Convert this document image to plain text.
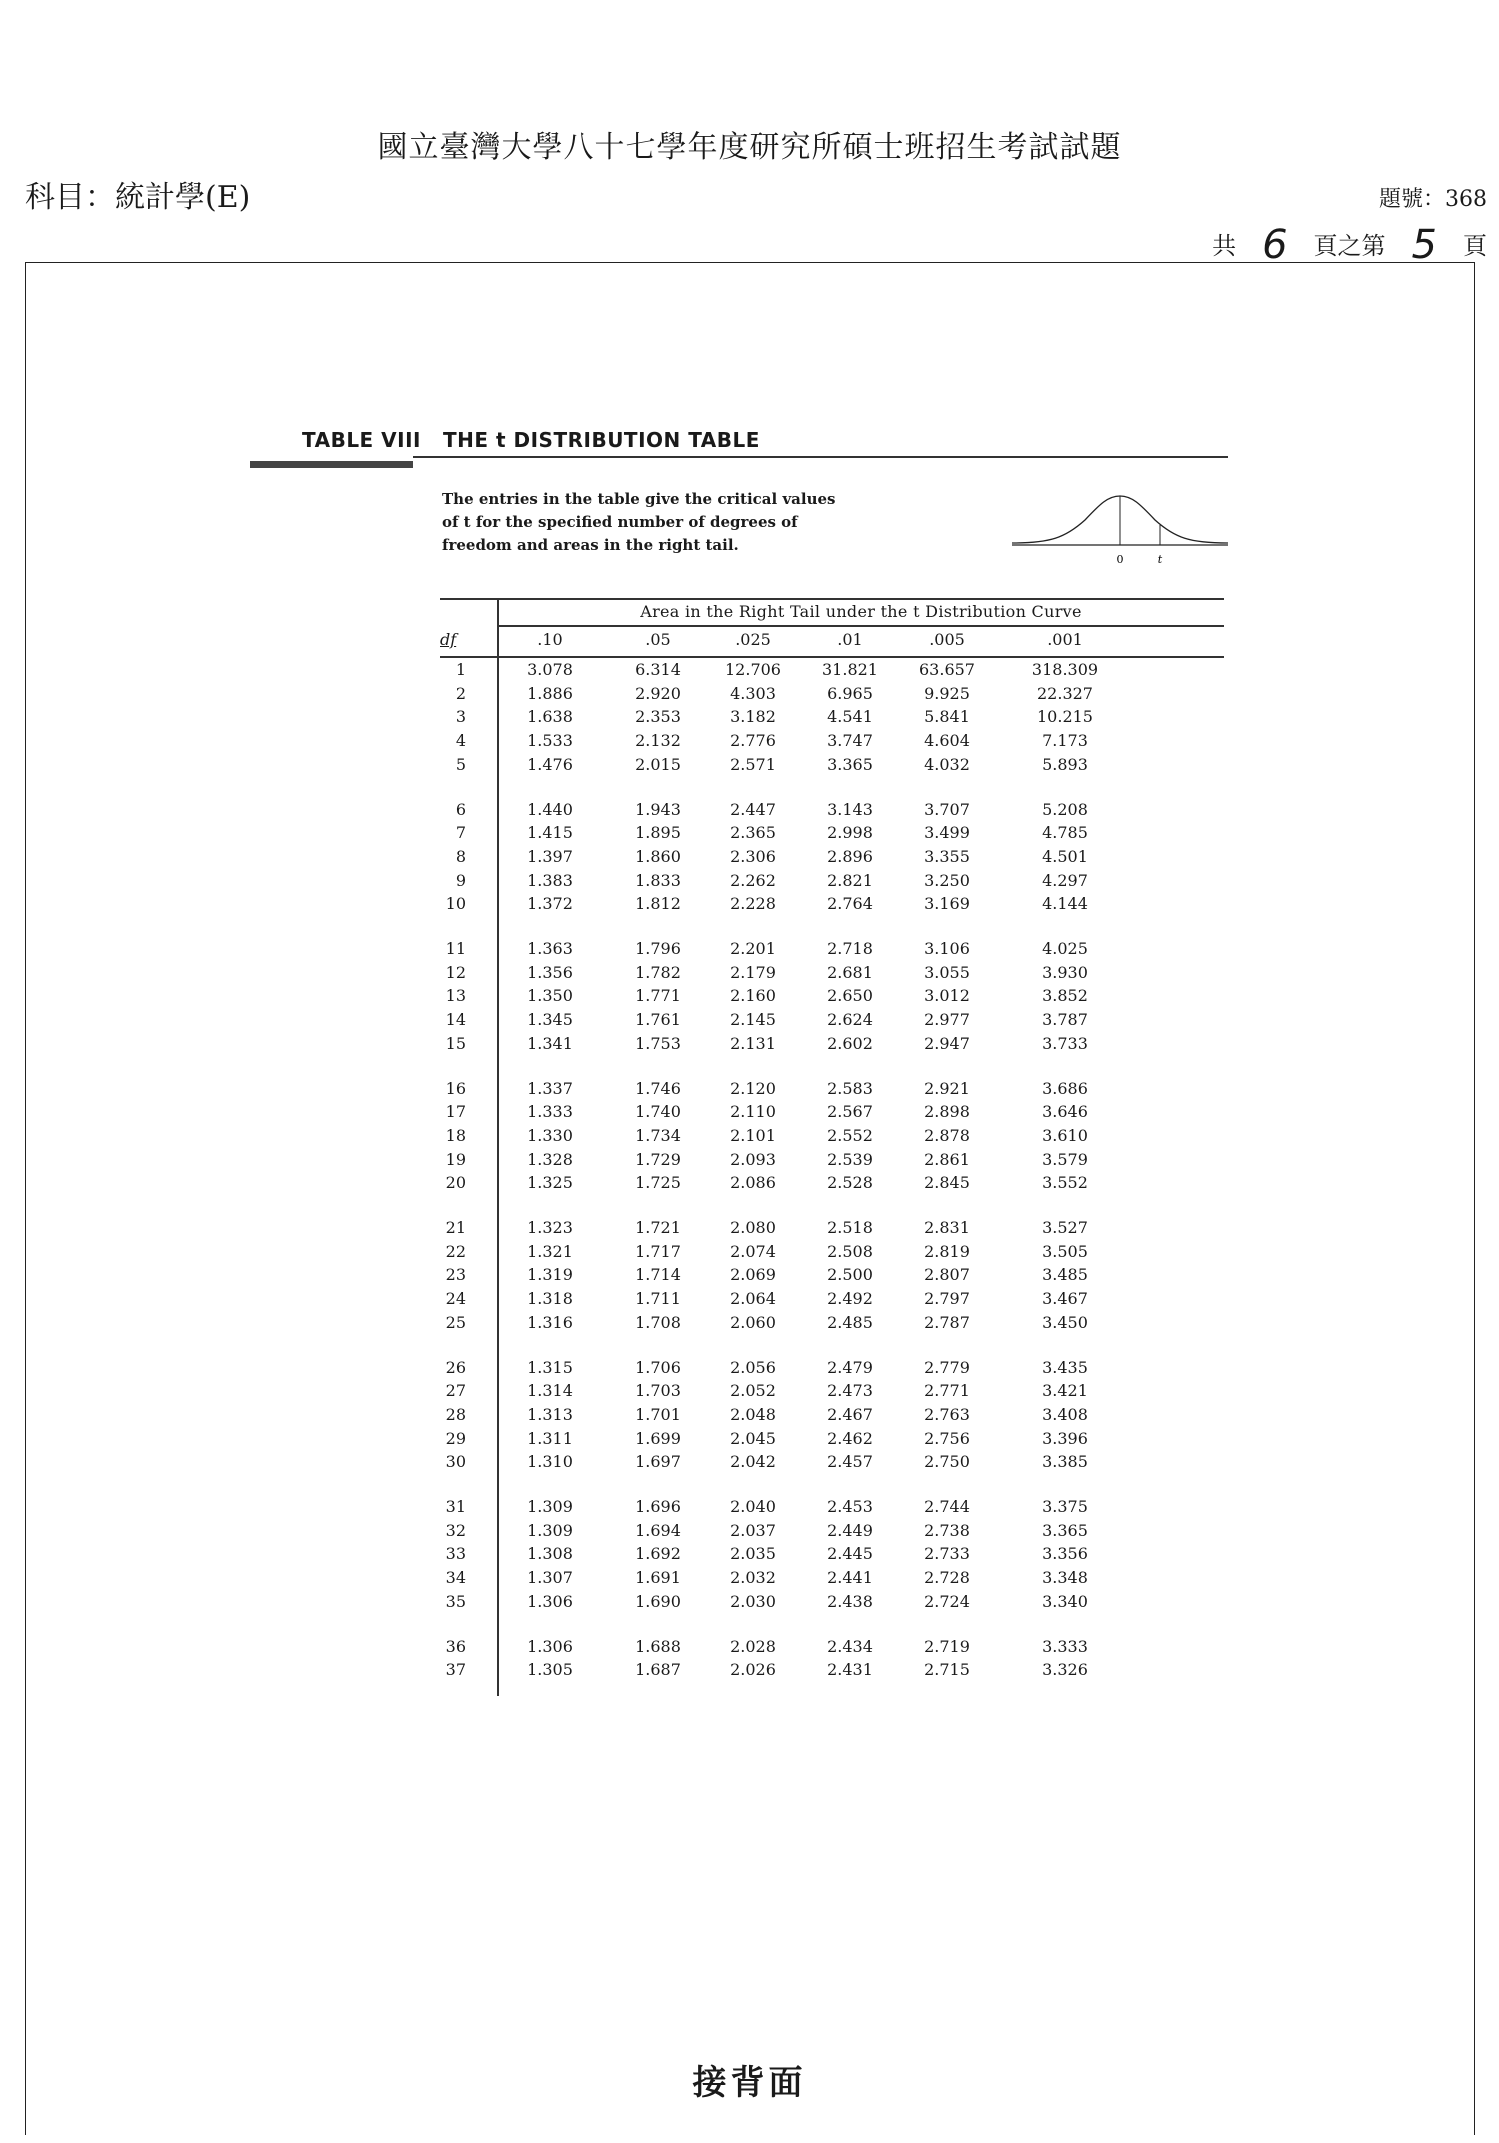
國立臺灣大學八十七學年度研究所碩士班招生考試試題
科目：統計學(E)	題號：368
共 6 頁之第 5 頁
TABLE VIII THE t DISTRIBUTION TABLE
The entries in the table give the critical values of t for the specified number of degrees of freedom and areas in the right tail.
0	t
Area in the Right Tail under the t Distribution Curve
df	.10	.05	.025	.01	.005	.001
1	3.078	6.314	12.706	31.821	63.657	318.309
2	1.886	2.920	4.303	6.965	9.925	22.327
3	1.638	2.353	3.182	4.541	5.841	10.215
4	1.533	2.132	2.776	3.747	4.604	7.173
5	1.476	2.015	2.571	3.365	4.032	5.893
6	1.440	1.943	2.447	3.143	3.707	5.208
7	1.415	1.895	2.365	2.998	3.499	4.785
8	1.397	1.860	2.306	2.896	3.355	4.501
9	1.383	1.833	2.262	2.821	3.250	4.297
10	1.372	1.812	2.228	2.764	3.169	4.144
11	1.363	1.796	2.201	2.718	3.106	4.025
12	1.356	1.782	2.179	2.681	3.055	3.930
13	1.350	1.771	2.160	2.650	3.012	3.852
14	1.345	1.761	2.145	2.624	2.977	3.787
15	1.341	1.753	2.131	2.602	2.947	3.733
16	1.337	1.746	2.120	2.583	2.921	3.686
17	1.333	1.740	2.110	2.567	2.898	3.646
18	1.330	1.734	2.101	2.552	2.878	3.610
19	1.328	1.729	2.093	2.539	2.861	3.579
20	1.325	1.725	2.086	2.528	2.845	3.552
21	1.323	1.721	2.080	2.518	2.831	3.527
22	1.321	1.717	2.074	2.508	2.819	3.505
23	1.319	1.714	2.069	2.500	2.807	3.485
24	1.318	1.711	2.064	2.492	2.797	3.467
25	1.316	1.708	2.060	2.485	2.787	3.450
26	1.315	1.706	2.056	2.479	2.779	3.435
27	1.314	1.703	2.052	2.473	2.771	3.421
28	1.313	1.701	2.048	2.467	2.763	3.408
29	1.311	1.699	2.045	2.462	2.756	3.396
30	1.310	1.697	2.042	2.457	2.750	3.385
31	1.309	1.696	2.040	2.453	2.744	3.375
32	1.309	1.694	2.037	2.449	2.738	3.365
33	1.308	1.692	2.035	2.445	2.733	3.356
34	1.307	1.691	2.032	2.441	2.728	3.348
35	1.306	1.690	2.030	2.438	2.724	3.340
36	1.306	1.688	2.028	2.434	2.719	3.333
37	1.305	1.687	2.026	2.431	2.715	3.326
接背面
